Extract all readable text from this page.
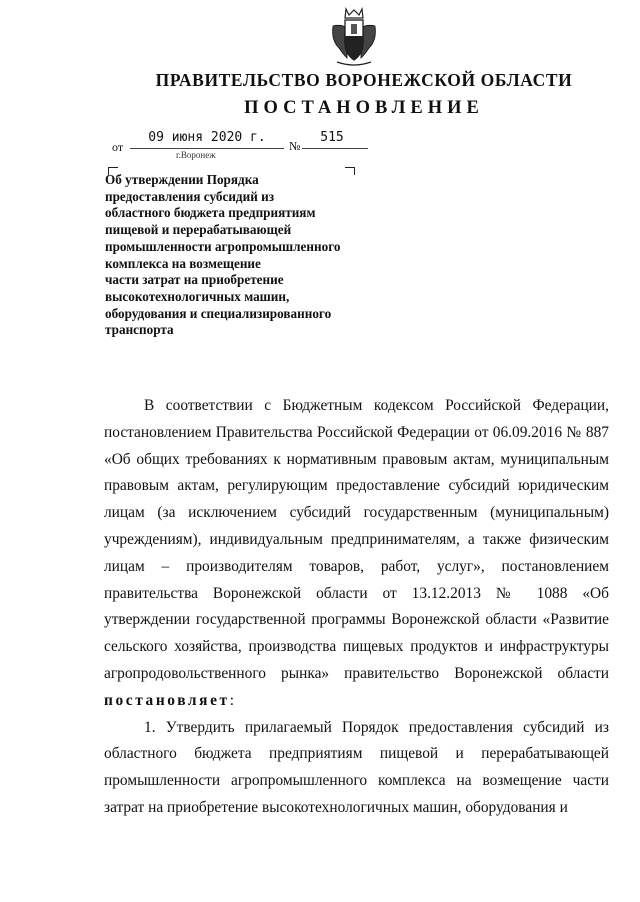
ПРАВИТЕЛЬСТВО ВОРОНЕЖСКОЙ ОБЛАСТИ
ПОСТАНОВЛЕНИЕ
от
09 июня 2020 г.
№
515
г.Воронеж
Об утверждении Порядка
предоставления субсидий из
областного бюджета предприятиям
пищевой и перерабатывающей
промышленности агропромышленного
комплекса на возмещение
части затрат на приобретение
высокотехнологичных машин,
оборудования и специализированного
транспорта

В соответствии с Бюджетным кодексом Российской Федерации, постановлением Правительства Российской Федерации от 06.09.2016 № 887 «Об общих требованиях к нормативным правовым актам, муниципальным правовым актам, регулирующим предоставление субсидий юридическим лицам (за исключением субсидий государственным (муниципальным) учреждениям), индивидуальным предпринимателям, а также физическим лицам – производителям товаров, работ, услуг», постановлением правительства Воронежской области от 13.12.2013 № 1088 «Об утверждении государственной программы Воронежской области «Развитие сельского хозяйства, производства пищевых продуктов и инфраструктуры агропродовольственного рынка» правительство Воронежской области постановляет:

1. Утвердить прилагаемый Порядок предоставления субсидий из областного бюджета предприятиям пищевой и перерабатывающей промышленности агропромышленного комплекса на возмещение части затрат на приобретение высокотехнологичных машин, оборудования и
